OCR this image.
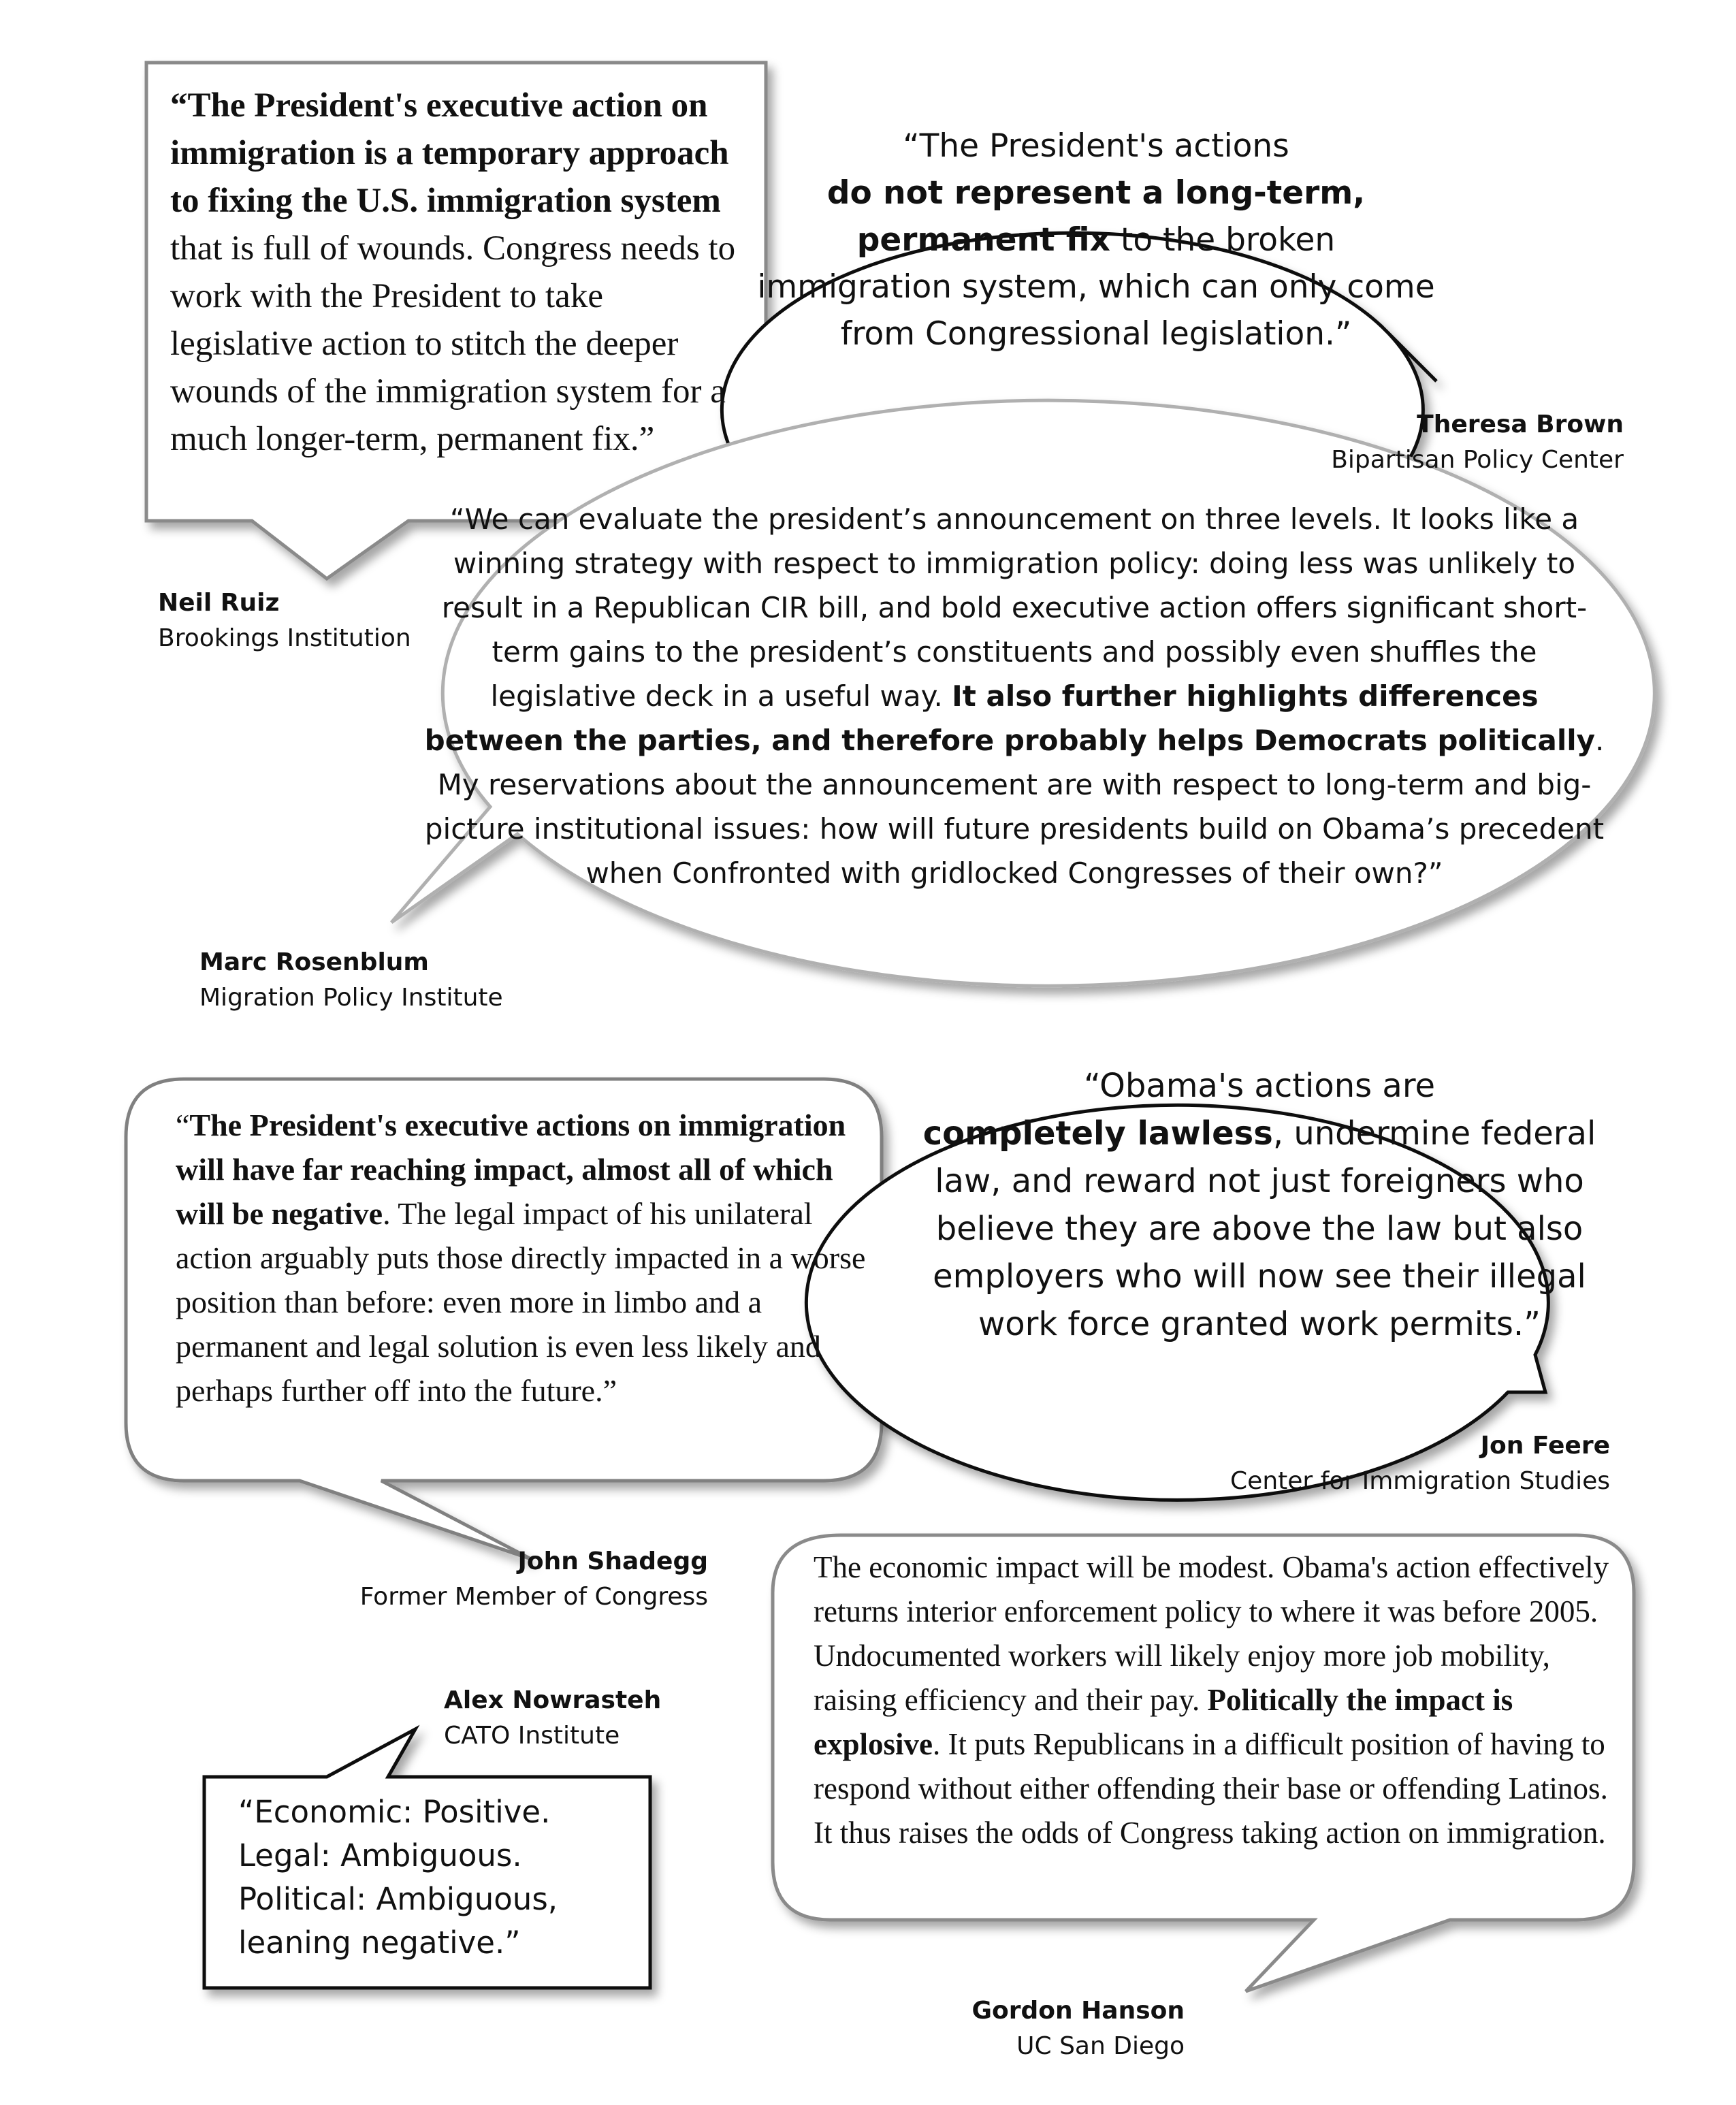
“The President's executive action on immigration is a temporary approach to fixing the U.S. immigration system that is full of wounds. Congress needs to work with the President to take legislative action to stitch the deeper wounds of the immigration system for a much longer-term, permanent fix.”
“The President's actions
do not represent a long-term, permanent fix to the broken immigration system, which can only come from Congressional legislation.”
“We can evaluate the president’s announcement on three levels. It looks like a winning strategy with respect to immigration policy: doing less was unlikely to result in a Republican CIR bill, and bold executive action offers significant short-term gains to the president’s constituents and possibly even shuffles the legislative deck in a useful way. It also further highlights differences between the parties, and therefore probably helps Democrats politically. My reservations about the announcement are with respect to long-term and big-picture institutional issues: how will future presidents build on Obama’s precedent when Confronted with gridlocked Congresses of their own?”
“The President's executive actions on immigration will have far reaching impact, almost all of which will be negative. The legal impact of his unilateral action arguably puts those directly impacted in a worse position than before: even more in limbo and a permanent and legal solution is even less likely and perhaps further off into the future.”
“Obama's actions are
completely lawless, undermine federal law, and reward not just foreigners who believe they are above the law but also employers who will now see their illegal work force granted work permits.”
The economic impact will be modest. Obama's action effectively returns interior enforcement policy to where it was before 2005. Undocumented workers will likely enjoy more job mobility, raising efficiency and their pay. Politically the impact is explosive. It puts Republicans in a difficult position of having to respond without either offending their base or offending Latinos. It thus raises the odds of Congress taking action on immigration.
“Economic: Positive.
Legal: Ambiguous.
Political: Ambiguous,
leaning negative.”
Neil Ruiz
Brookings Institution
Theresa Brown
Bipartisan Policy Center
Marc Rosenblum
Migration Policy Institute
John Shadegg
Former Member of Congress
Jon Feere
Center for Immigration Studies
Gordon Hanson
UC San Diego
Alex Nowrasteh
CATO Institute
